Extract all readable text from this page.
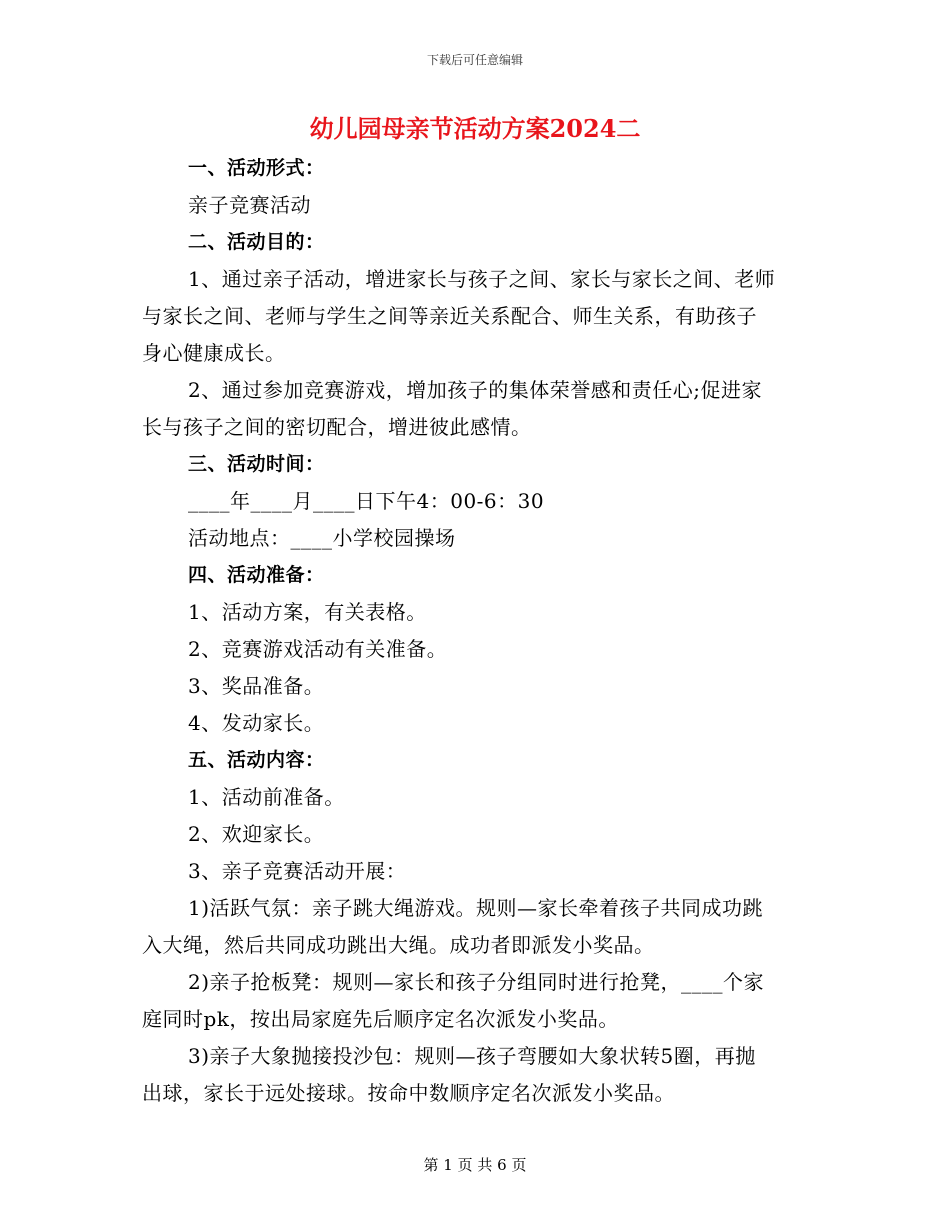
下载后可任意编辑
幼儿园母亲节活动方案2024二

一、活动形式：

亲子竞赛活动

二、活动目的：

1、通过亲子活动，增进家长与孩子之间、家长与家长之间、老师

与家长之间、老师与学生之间等亲近关系配合、师生关系，有助孩子

身心健康成长。

2、通过参加竞赛游戏，增加孩子的集体荣誉感和责任心;促进家

长与孩子之间的密切配合，增进彼此感情。

三、活动时间：

____年____月____日下午4：00-6：30

活动地点：____小学校园操场

四、活动准备：

1、活动方案，有关表格。

2、竞赛游戏活动有关准备。

3、奖品准备。

4、发动家长。

五、活动内容：

1、活动前准备。

2、欢迎家长。

3、亲子竞赛活动开展：

1)活跃气氛：亲子跳大绳游戏。规则—家长牵着孩子共同成功跳

入大绳，然后共同成功跳出大绳。成功者即派发小奖品。

2)亲子抢板凳：规则—家长和孩子分组同时进行抢凳，____个家

庭同时pk，按出局家庭先后顺序定名次派发小奖品。

3)亲子大象抛接投沙包：规则—孩子弯腰如大象状转5圈，再抛

出球，家长于远处接球。按命中数顺序定名次派发小奖品。

第 1 页 共 6 页
